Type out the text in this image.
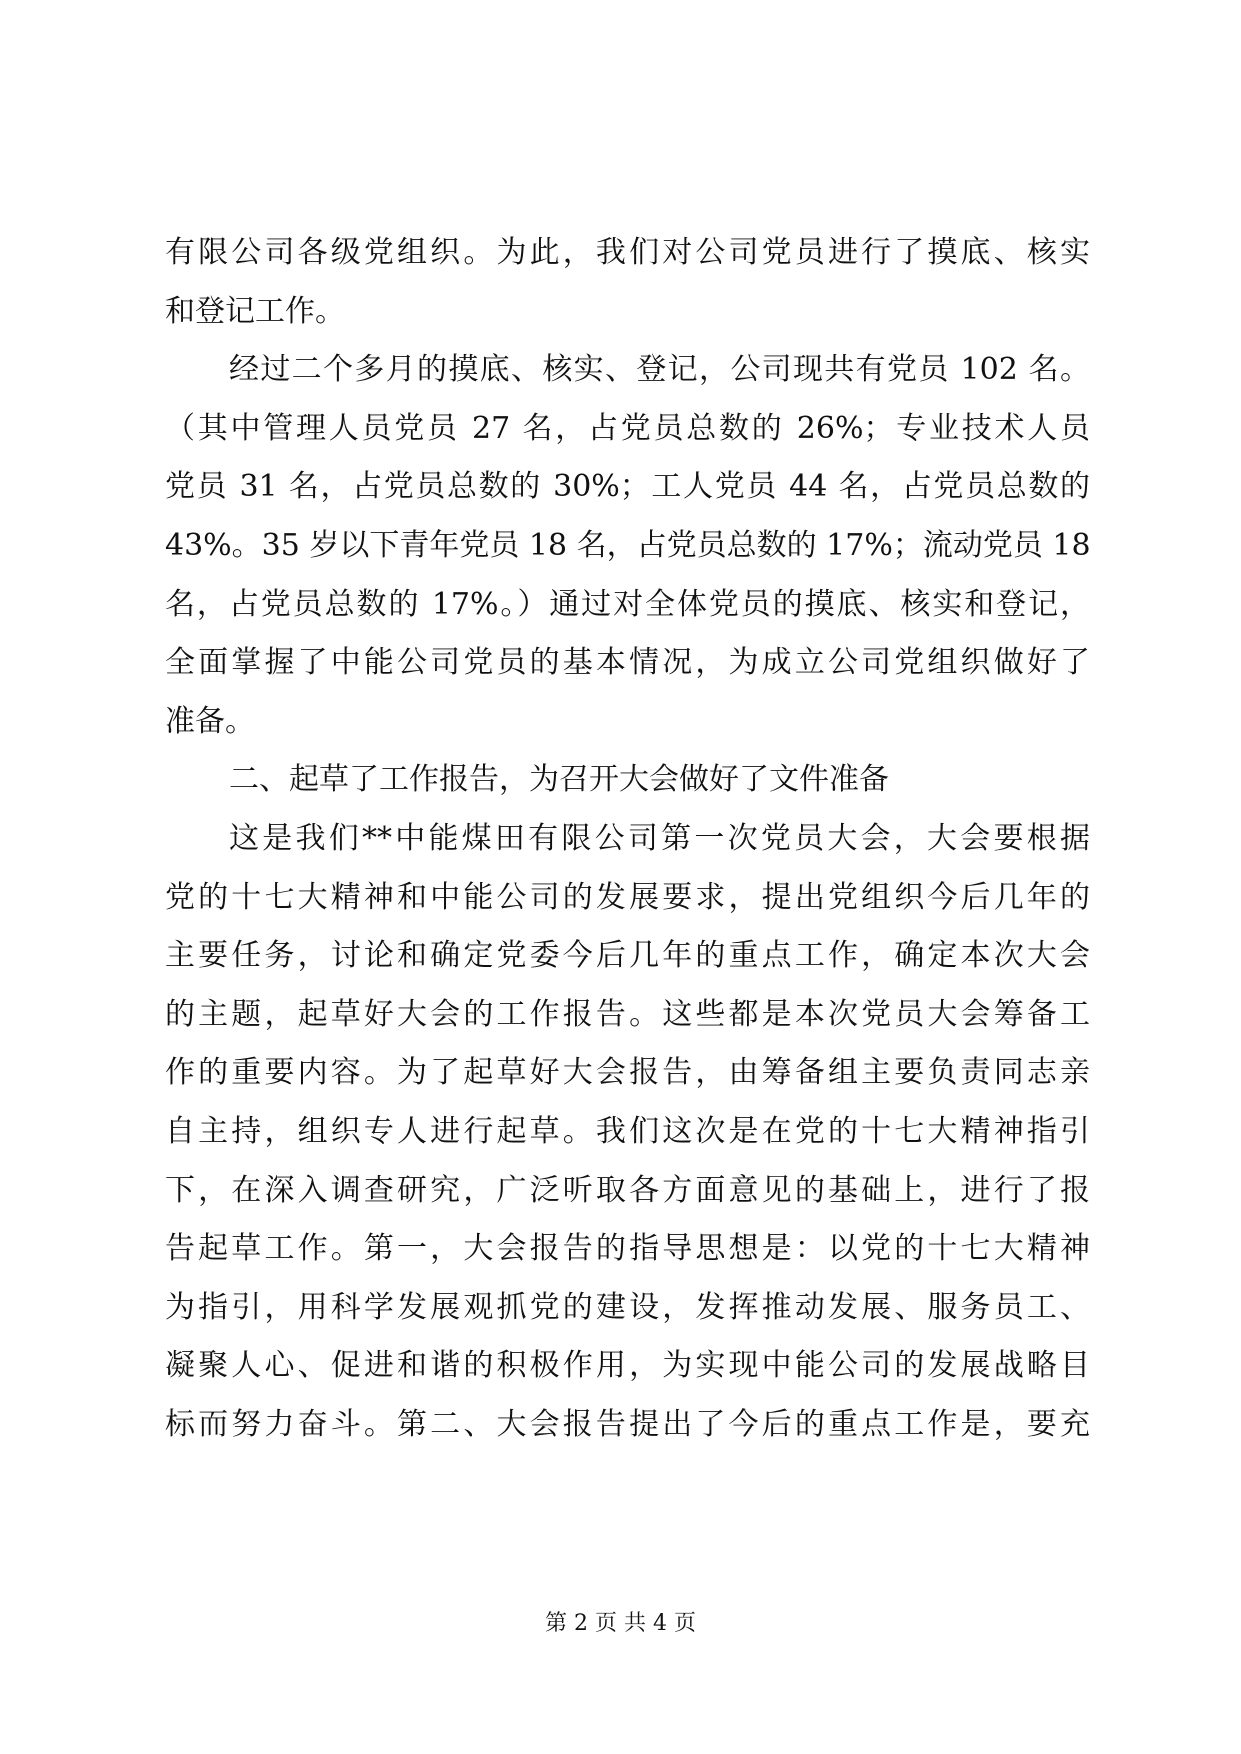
有限公司各级党组织。为此，我们对公司党员进行了摸底、核实
和登记工作。
经过二个多月的摸底、核实、登记，公司现共有党员 102 名。
（其中管理人员党员 27 名，占党员总数的 26%；专业技术人员
党员 31 名，占党员总数的 30%；工人党员 44 名，占党员总数的
43%。35 岁以下青年党员 18 名，占党员总数的 17%；流动党员 18
名，占党员总数的 17%。）通过对全体党员的摸底、核实和登记，
全面掌握了中能公司党员的基本情况，为成立公司党组织做好了
准备。
二、起草了工作报告，为召开大会做好了文件准备
这是我们**中能煤田有限公司第一次党员大会，大会要根据
党的十七大精神和中能公司的发展要求，提出党组织今后几年的
主要任务，讨论和确定党委今后几年的重点工作，确定本次大会
的主题，起草好大会的工作报告。这些都是本次党员大会筹备工
作的重要内容。为了起草好大会报告，由筹备组主要负责同志亲
自主持，组织专人进行起草。我们这次是在党的十七大精神指引
下，在深入调查研究，广泛听取各方面意见的基础上，进行了报
告起草工作。第一，大会报告的指导思想是：以党的十七大精神
为指引，用科学发展观抓党的建设，发挥推动发展、服务员工、
凝聚人心、促进和谐的积极作用，为实现中能公司的发展战略目
标而努力奋斗。第二、大会报告提出了今后的重点工作是，要充
第 2 页 共 4 页
